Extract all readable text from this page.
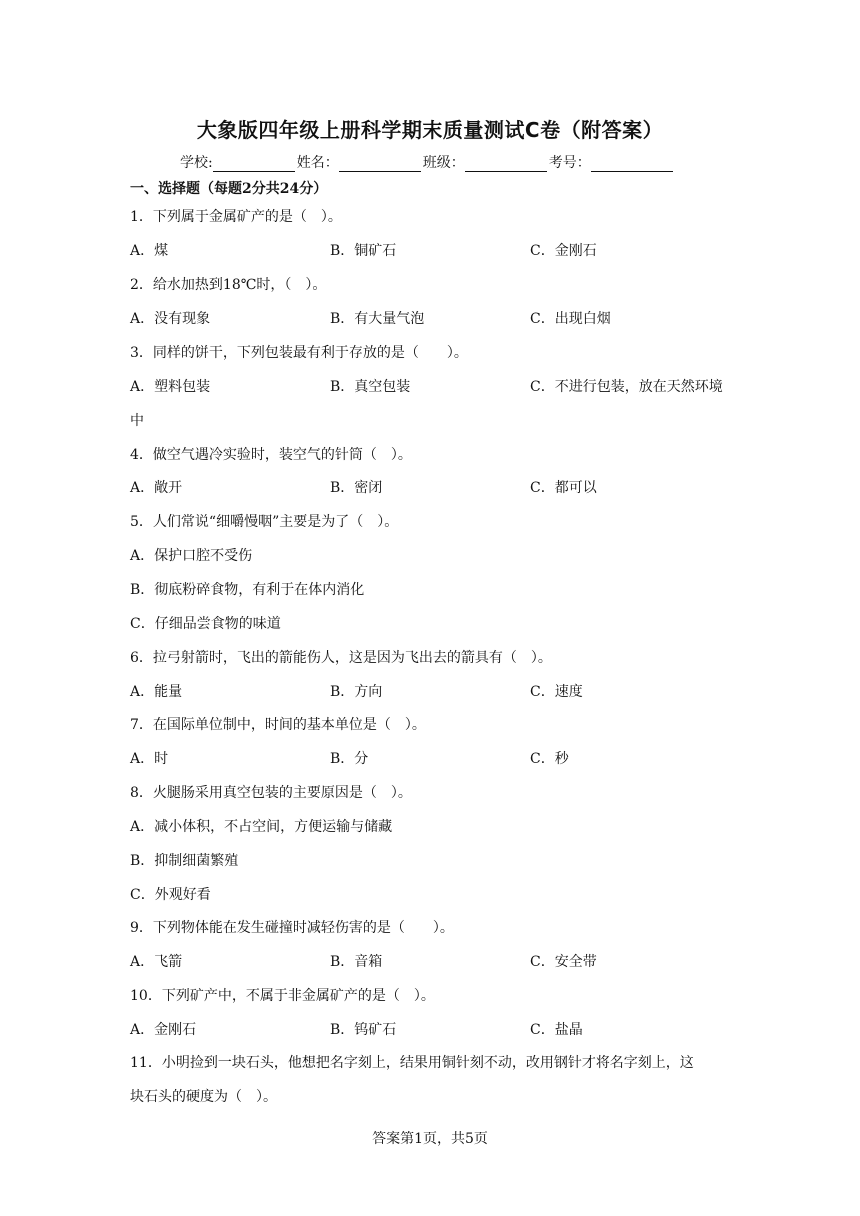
大象版四年级上册科学期末质量测试C卷（附答案）
学校:	姓名：	班级：	考号：
一、选择题（每题2分共24分）
1．下列属于金属矿产的是（　）。
A．煤	B．铜矿石	C．金刚石
2．给水加热到18℃时，（　）。
A．没有现象	B．有大量气泡	C．出现白烟
3．同样的饼干，下列包装最有利于存放的是（　　）。
A．塑料包装	B．真空包装	C．不进行包装，放在天然环境
中
4．做空气遇冷实验时，装空气的针筒（　）。
A．敞开	B．密闭	C．都可以
5．人们常说“细嚼慢咽”主要是为了（　）。
A．保护口腔不受伤
B．彻底粉碎食物，有利于在体内消化
C．仔细品尝食物的味道
6．拉弓射箭时，飞出的箭能伤人，这是因为飞出去的箭具有（　）。
A．能量	B．方向	C．速度
7．在国际单位制中，时间的基本单位是（　）。
A．时	B．分	C．秒
8．火腿肠采用真空包装的主要原因是（　）。
A．减小体积，不占空间，方便运输与储藏
B．抑制细菌繁殖
C．外观好看
9．下列物体能在发生碰撞时减轻伤害的是（　　）。
A．飞箭	B．音箱	C．安全带
10．下列矿产中，不属于非金属矿产的是（　）。
A．金刚石	B．钨矿石	C．盐晶
11．小明捡到一块石头，他想把名字刻上，结果用铜针刻不动，改用钢针才将名字刻上，这
块石头的硬度为（　）。
答案第1页，共5页
